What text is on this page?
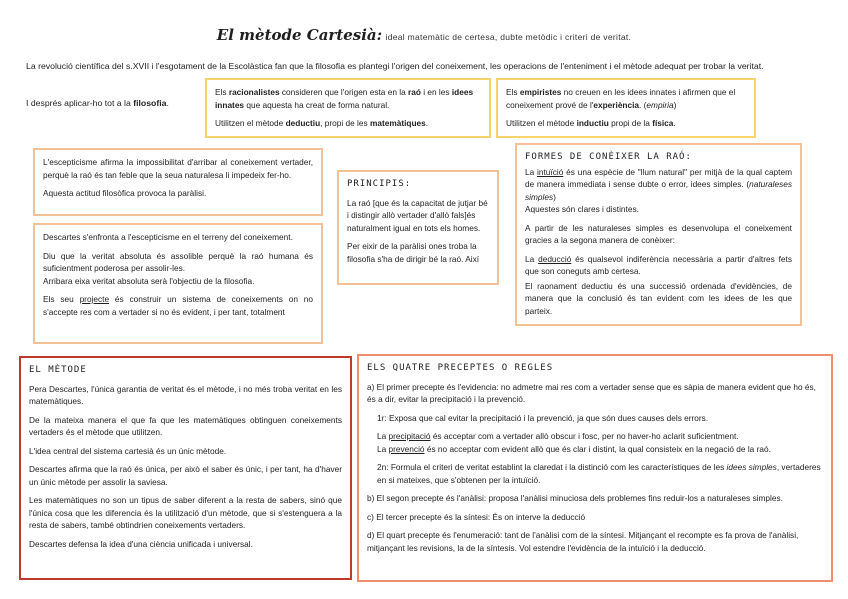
El mètode Cartesià: ideal matemàtic de certesa, dubte metòdic i criteri de veritat.
La revolució científica del s.XVII i l'esgotament de la Escolàstica fan que la filosofia es plantegi l'origen del coneixement, les operacions de l'enteniment i el mètode adequat per trobar la veritat.
I després aplicar-ho tot a la filosofia.

Els racionalistes consideren que l'origen esta en la raó i en les idees innates que aquesta ha creat de forma natural.

Utilitzen el mètode deductiu, propi de les matemàtiques.

Els empiristes no creuen en les idees innates i afirmen que el coneixement prové de l'experiència. (empiria)

Utilitzen el mètode inductiu propi de la física.

L'escepticisme afirma la impossibilitat d'arribar al coneixement vertader, perquè la raó és tan feble que la seua naturalesa li impedeix fer-ho.

Aquesta actitud filosòfica provoca la paràlisi.

Descartes s'enfronta a l'escepticisme en el terreny del coneixement.

Diu que la veritat absoluta és assolible perquè la raó humana és suficientment poderosa per assolir-les.

Arribara eixa veritat absoluta serà l'objectiu de la filosofia.

Els seu projecte és construir un sistema de coneixements on no s'accepte res com a vertader si no és evident, i per tant, totalment

PRINCIPIS:

La raó [que és la capacitat de jutjar bé i distingir allò vertader d'allò fals]és naturalment igual en tots els homes.

Per eixir de la paràlisi ones troba la filosofia s'ha de dirigir bé la raó. Així

FORMES DE CONÈIXER LA RAÓ:

La intuïció és una espècie de "llum natural" per mitjà de la qual captem de manera immediata i sense dubte o error, idees simples. (naturaleses simples)

Aquestes són clares i distintes.

A partir de les naturaleses simples es desenvolupa el coneixement gracies a la segona manera de conèixer:

La deducció és qualsevol indiferència necessària a partir d'altres fets que son coneguts amb certesa.

El raonament deductiu és una successió ordenada d'evidències, de manera que la conclusió és tan evident com les idees de les que parteix.

EL MÈTODE

Pera Descartes, l'única garantia de veritat és el mètode, i no més troba veritat en les matemàtiques.

De la mateixa manera el que fa que les matemàtiques obtinguen coneixements vertaders és el mètode que utilitzen.

L'idea central del sistema cartesià és un únic mètode.

Descartes afirma que la raó és única, per això el saber és únic, i per tant, ha d'haver un únic mètode per assolir la saviesa.

Les matemàtiques no son un tipus de saber diferent a la resta de sabers, sinó que l'única cosa que les diferencia és la utilització d'un mètode, que si s'estenguera a la resta de sabers, també obtindrien coneixements vertaders.

Descartes defensa la idea d'una ciència unificada i universal.

ELS QUATRE PRECEPTES O REGLES

a) El primer precepte és l'evidencia: no admetre mai res com a vertader sense que es sàpia de manera evident que ho és, és a dir, evitar la precipitació i la prevenció.

1r: Exposa que cal evitar la precipitació i la prevenció, ja que són dues causes dels errors.

La precipitació és acceptar com a vertader allò obscur i fosc, per no haver-ho aclarit suficientment.

La prevenció és no acceptar com evident allò que és clar i distint, la qual consisteix en la negació de la raó.

2n: Formula el criteri de veritat establint la claredat i la distinció com les característiques de les idees simples, vertaderes en si mateixes, que s'obtenen per la intuïció.

b) El segon precepte és l'anàlisi: proposa l'anàlisi minuciosa dels problemes fins reduir-los a naturaleses simples.

c) El tercer precepte és la síntesi: És on interve la deducció

d) El quart precepte és l'enumeració: tant de l'anàlisi com de la síntesi. Mitjançant el recompte es fa prova de l'anàlisi, mitjançant les revisions, la de la síntesis. Vol estendre l'evidència de la intuïció i la deducció.
